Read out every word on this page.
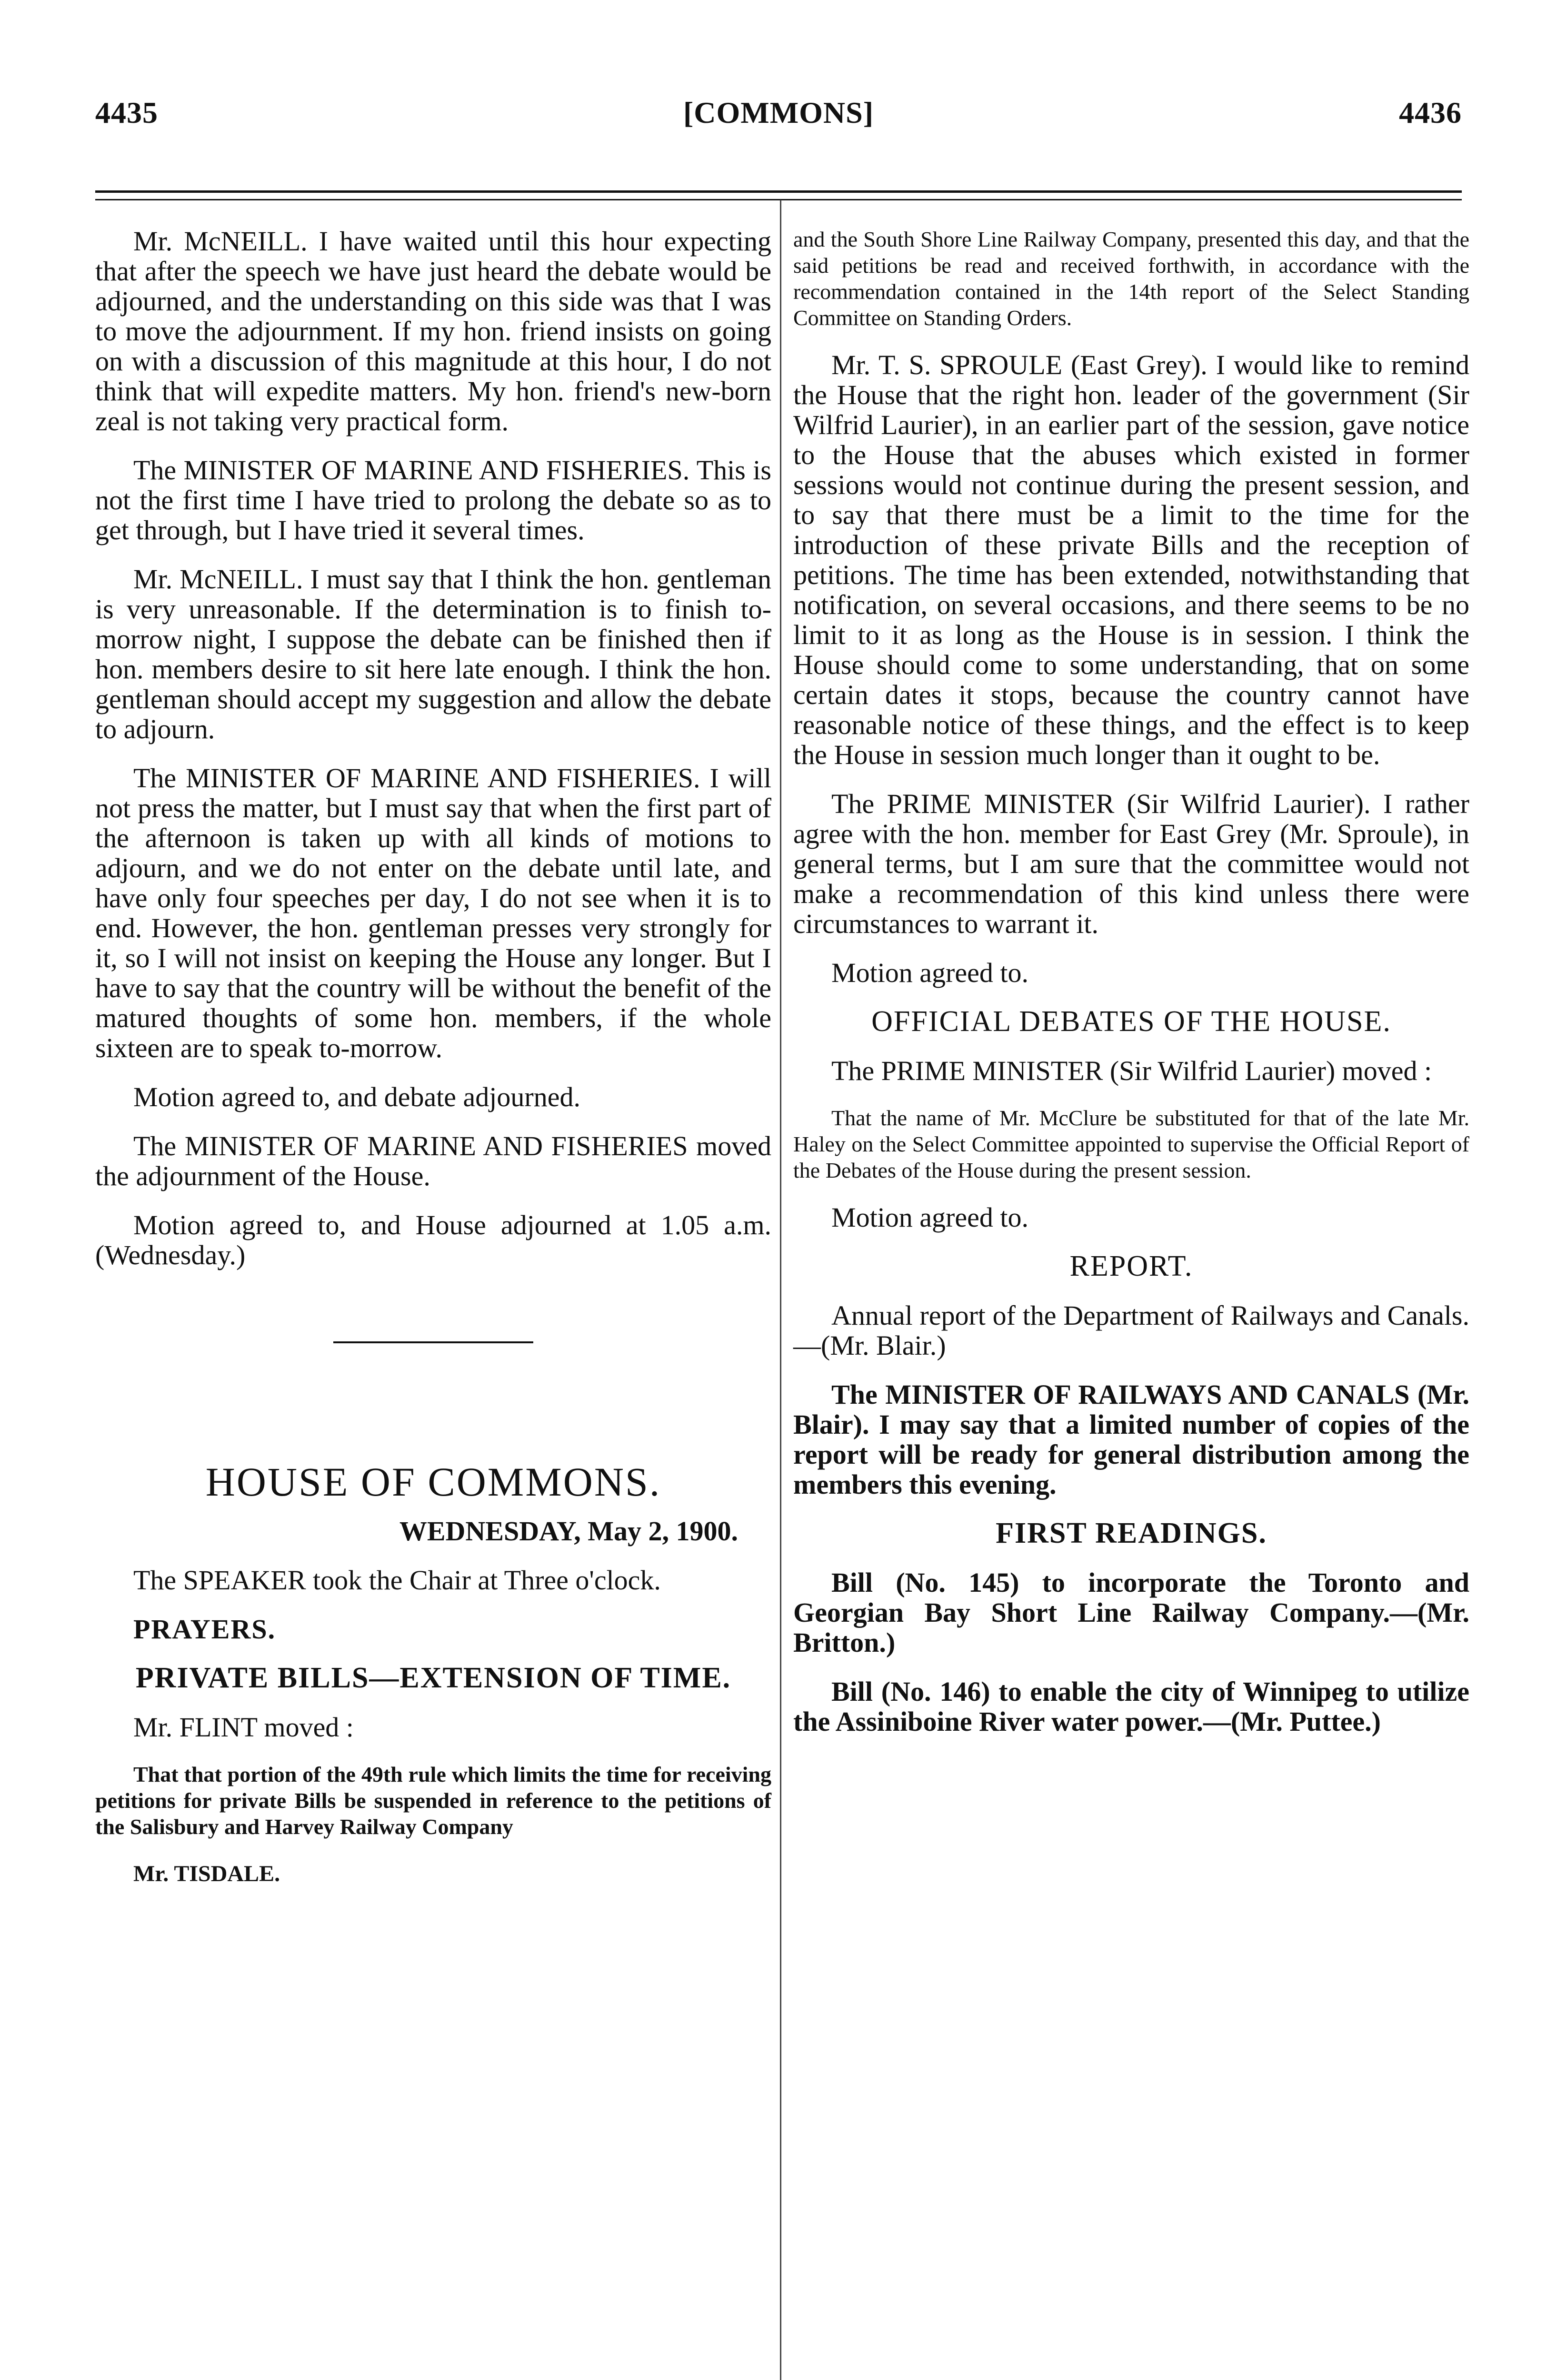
4435	[COMMONS]	4436

Mr. McNEILL. I have waited until this hour expecting that after the speech we have just heard the debate would be adjourned, and the understanding on this side was that I was to move the adjournment. If my hon. friend insists on going on with a discussion of this magnitude at this hour, I do not think that will expedite matters. My hon. friend's new-born zeal is not taking very practical form.

The MINISTER OF MARINE AND FISHERIES. This is not the first time I have tried to prolong the debate so as to get through, but I have tried it several times.

Mr. McNEILL. I must say that I think the hon. gentleman is very unreasonable. If the determination is to finish to-morrow night, I suppose the debate can be finished then if hon. members desire to sit here late enough. I think the hon. gentleman should accept my suggestion and allow the debate to adjourn.

The MINISTER OF MARINE AND FISHERIES. I will not press the matter, but I must say that when the first part of the afternoon is taken up with all kinds of motions to adjourn, and we do not enter on the debate until late, and have only four speeches per day, I do not see when it is to end. However, the hon. gentleman presses very strongly for it, so I will not insist on keeping the House any longer. But I have to say that the country will be without the benefit of the matured thoughts of some hon. members, if the whole sixteen are to speak to-morrow.

Motion agreed to, and debate adjourned.

The MINISTER OF MARINE AND FISHERIES moved the adjournment of the House.

Motion agreed to, and House adjourned at 1.05 a.m. (Wednesday.)

HOUSE OF COMMONS.
WEDNESDAY, May 2, 1900.

The SPEAKER took the Chair at Three o'clock.

PRAYERS.
PRIVATE BILLS—EXTENSION OF TIME.

Mr. FLINT moved :

That that portion of the 49th rule which limits the time for receiving petitions for private Bills be suspended in reference to the petitions of the Salisbury and Harvey Railway Company

Mr. TISDALE.

and the South Shore Line Railway Company, presented this day, and that the said petitions be read and received forthwith, in accordance with the recommendation contained in the 14th report of the Select Standing Committee on Standing Orders.

Mr. T. S. SPROULE (East Grey). I would like to remind the House that the right hon. leader of the government (Sir Wilfrid Laurier), in an earlier part of the session, gave notice to the House that the abuses which existed in former sessions would not continue during the present session, and to say that there must be a limit to the time for the introduction of these private Bills and the reception of petitions. The time has been extended, notwithstanding that notification, on several occasions, and there seems to be no limit to it as long as the House is in session. I think the House should come to some understanding, that on some certain dates it stops, because the country cannot have reasonable notice of these things, and the effect is to keep the House in session much longer than it ought to be.

The PRIME MINISTER (Sir Wilfrid Laurier). I rather agree with the hon. member for East Grey (Mr. Sproule), in general terms, but I am sure that the committee would not make a recommendation of this kind unless there were circumstances to warrant it.

Motion agreed to.

OFFICIAL DEBATES OF THE HOUSE.

The PRIME MINISTER (Sir Wilfrid Laurier) moved :

That the name of Mr. McClure be substituted for that of the late Mr. Haley on the Select Committee appointed to supervise the Official Report of the Debates of the House during the present session.

Motion agreed to.

REPORT.

Annual report of the Department of Railways and Canals.—(Mr. Blair.)

The MINISTER OF RAILWAYS AND CANALS (Mr. Blair). I may say that a limited number of copies of the report will be ready for general distribution among the members this evening.

FIRST READINGS.

Bill (No. 145) to incorporate the Toronto and Georgian Bay Short Line Railway Company.—(Mr. Britton.)

Bill (No. 146) to enable the city of Winnipeg to utilize the Assiniboine River water power.—(Mr. Puttee.)
